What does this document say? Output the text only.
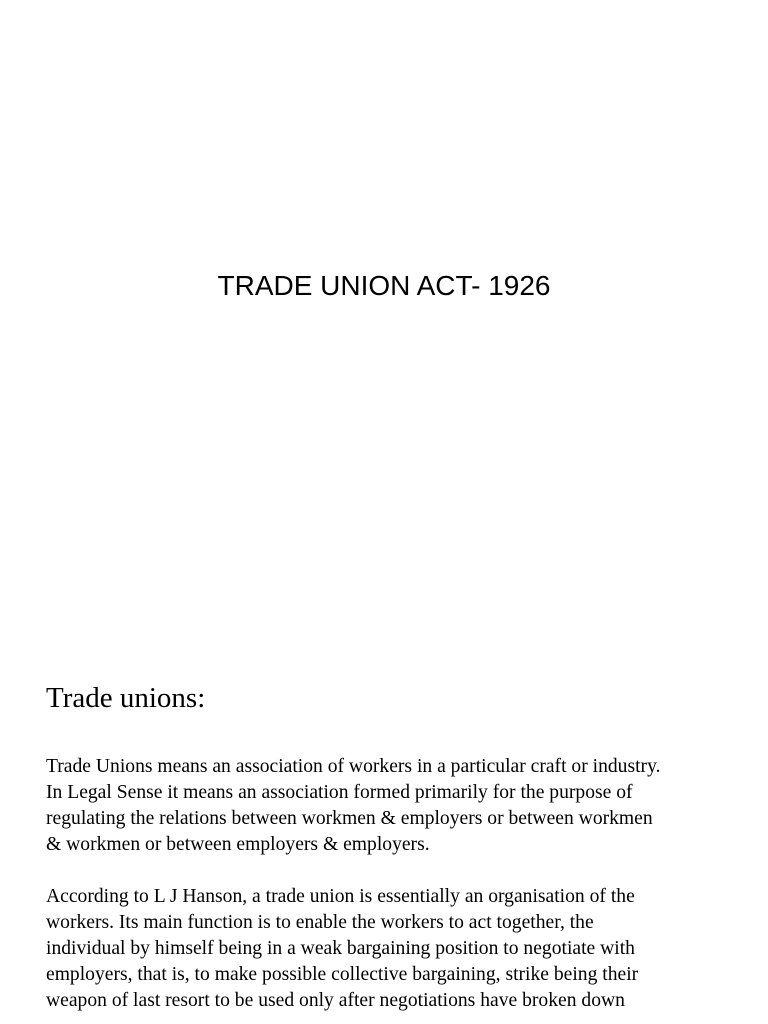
TRADE UNION ACT- 1926
Trade unions:

Trade Unions means an association of workers in a particular craft or industry.
In Legal Sense it means an association formed primarily for the purpose of
regulating the relations between workmen & employers or between workmen
& workmen or between employers & employers.

According to L J Hanson, a trade union is essentially an organisation of the
workers. Its main function is to enable the workers to act together, the
individual by himself being in a weak bargaining position to negotiate with
employers, that is, to make possible collective bargaining, strike being their
weapon of last resort to be used only after negotiations have broken down
